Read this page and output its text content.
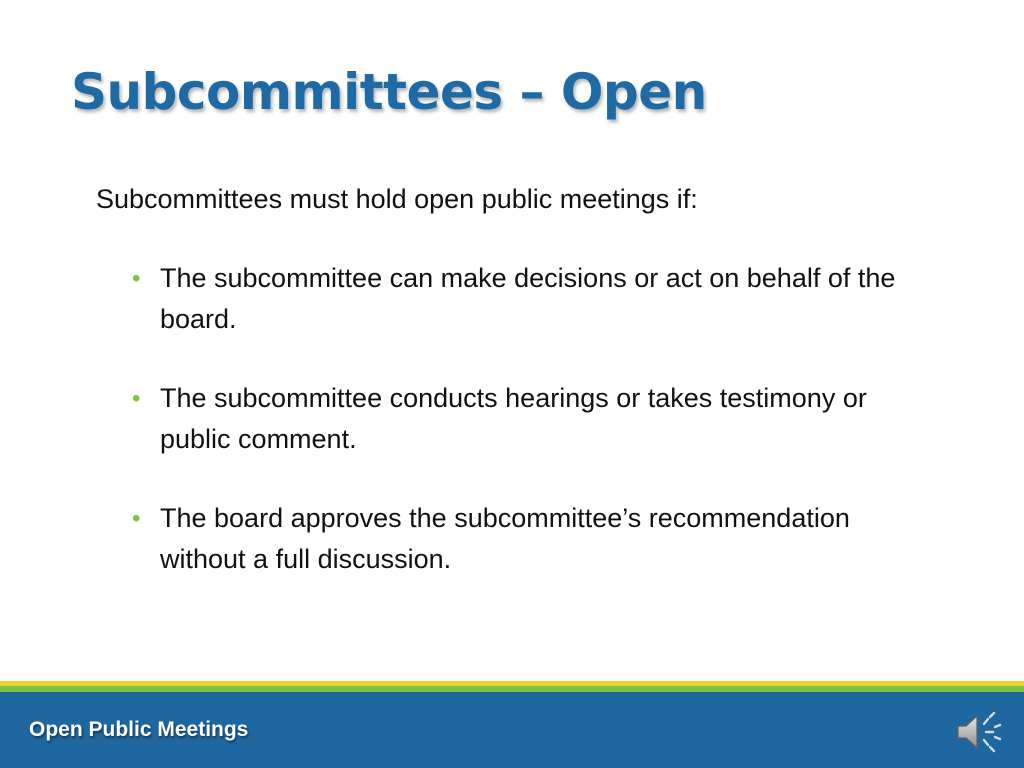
Subcommittees – Open

Subcommittees must hold open public meetings if:

• The subcommittee can make decisions or act on behalf of the board.
• The subcommittee conducts hearings or takes testimony or public comment.
• The board approves the subcommittee’s recommendation without a full discussion.
Open Public Meetings
